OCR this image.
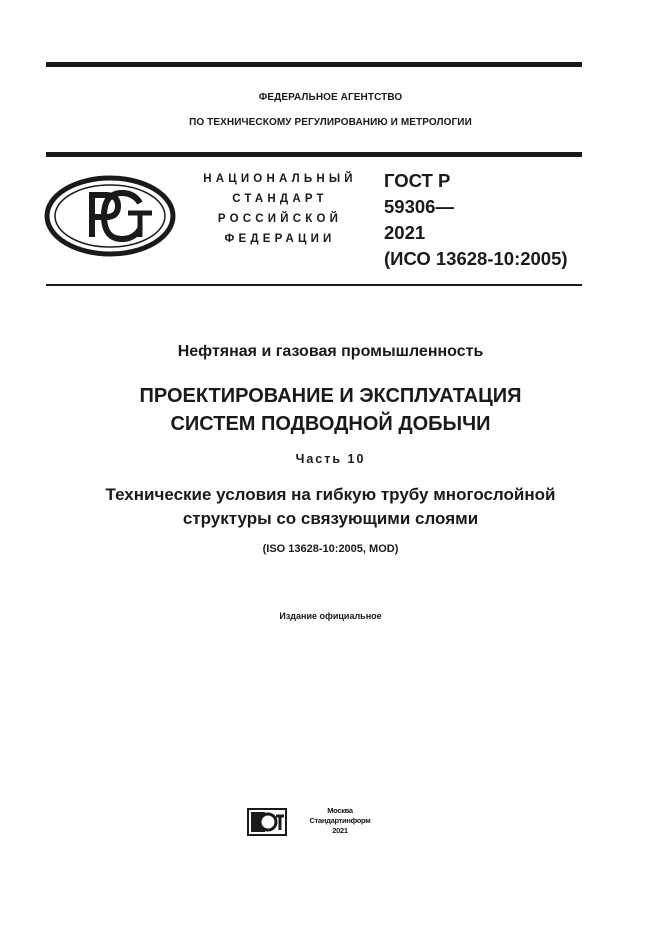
ФЕДЕРАЛЬНОЕ АГЕНТСТВО
ПО ТЕХНИЧЕСКОМУ РЕГУЛИРОВАНИЮ И МЕТРОЛОГИИ
НАЦИОНАЛЬНЫЙ
СТАНДАРТ
РОССИЙСКОЙ
ФЕДЕРАЦИИ
ГОСТ Р
59306—
2021
(ИСО 13628-10:2005)
Нефтяная и газовая промышленность
ПРОЕКТИРОВАНИЕ И ЭКСПЛУАТАЦИЯ
СИСТЕМ ПОДВОДНОЙ ДОБЫЧИ
Часть 10
Технические условия на гибкую трубу многослойной
структуры со связующими слоями
(ISO 13628-10:2005, MOD)
Издание официальное
Москва
Стандартинформ
2021
